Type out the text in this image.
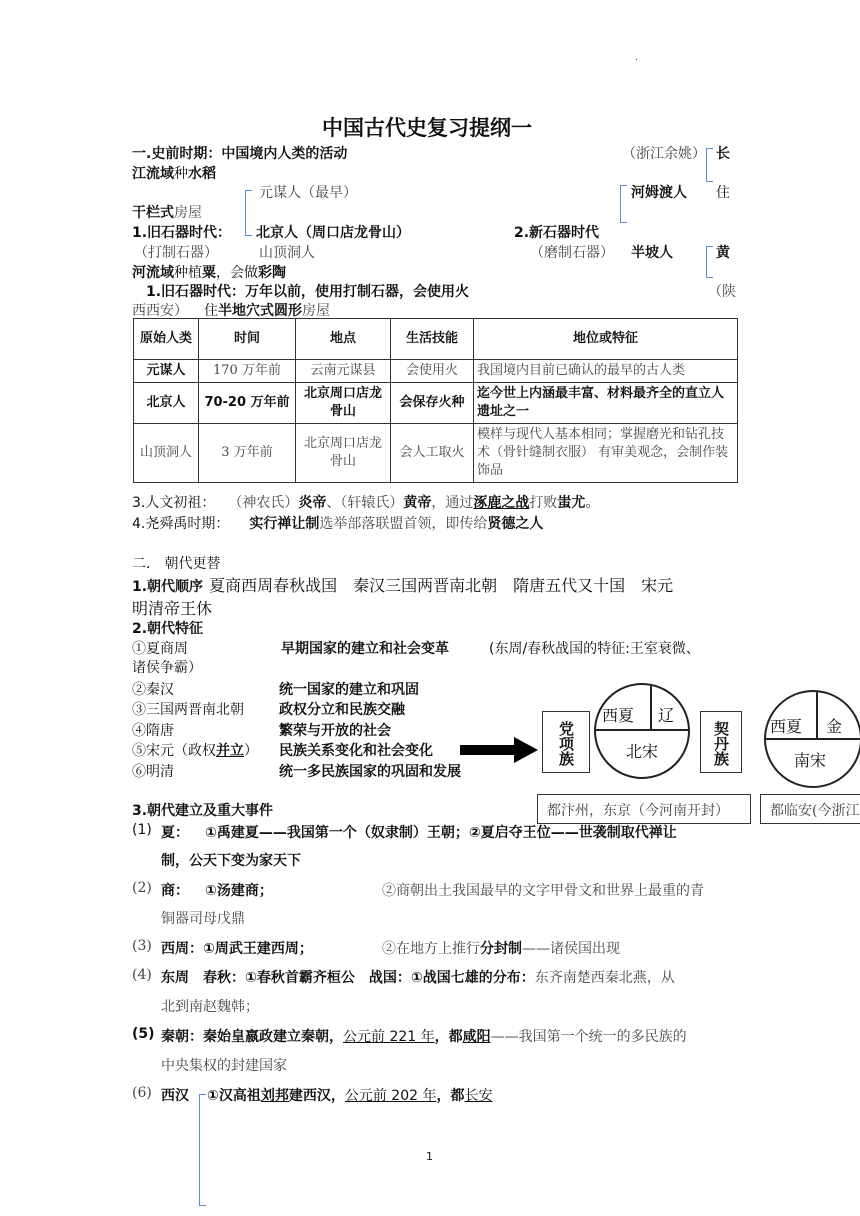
·
中国古代史复习提纲一
一.史前时期：中国境内人类的活动	（浙江余姚） 长
江流域种水稻
元谋人（最早）	河姆渡人 住
干栏式房屋
1.旧石器时代： 北京人（周口店龙骨山）	2.新石器时代
（打制石器）	山顶洞人	（磨制石器） 半坡人	黄
河流域种植粟，会做彩陶
1.旧石器时代：万年以前，使用打制石器，会使用火	（陕
西西安） 住半地穴式圆形房屋
原始人类	时间	地点	生活技能	地位或特征
元谋人	170 万年前	云南元谋县	会使用火	我国境内目前已确认的最早的古人类
北京人	70-20 万年前	北京周口店龙骨山	会保存火种	迄今世上内涵最丰富、材料最齐全的直立人遗址之一
山顶洞人	3 万年前	北京周口店龙骨山	会人工取火	模样与现代人基本相同；掌握磨光和钻孔技术（骨针缝制衣服） 有审美观念，会制作装饰品
3.人文初祖： （神农氏）炎帝、（轩辕氏）黄帝，通过涿鹿之战打败蚩尤。
4.尧舜禹时期： 实行禅让制选举部落联盟首领，即传给贤德之人
二． 朝代更替
1.朝代顺序 夏商西周春秋战国　秦汉三国两晋南北朝　隋唐五代又十国　宋元
明清帝王休
2.朝代特征
①夏商周	早期国家的建立和社会变革	(东周/春秋战国的特征:王室衰微、
诸侯争霸）
②秦汉	统一国家的建立和巩固
③三国两晋南北朝	政权分立和民族交融
④隋唐	繁荣与开放的社会
⑤宋元（政权并立） 民族关系变化和社会变化
⑥明清	统一多民族国家的巩固和发展
党项族
西夏 辽
北宋	契丹族	西夏 金
南宋
都汴州，东京（今河南开封）	都临安(今浙江
3.朝代建立及重大事件
(1) 夏： ①禹建夏——我国第一个（奴隶制）王朝；②夏启夺王位——世袭制取代禅让
制，公天下变为家天下
(2) 商： ①汤建商；	②商朝出土我国最早的文字甲骨文和世界上最重的青
铜器司母戊鼎
(3) 西周：①周武王建西周；	②在地方上推行分封制——诸侯国出现
(4) 东周　春秋：①春秋首霸齐桓公　战国：①战国七雄的分布：东齐南楚西秦北燕，从
北到南赵魏韩；
(5) 秦朝：秦始皇嬴政建立秦朝，公元前 221 年，都咸阳——我国第一个统一的多民族的
中央集权的封建国家
(6) 西汉 ①汉高祖刘邦建西汉，公元前 202 年，都长安
1
